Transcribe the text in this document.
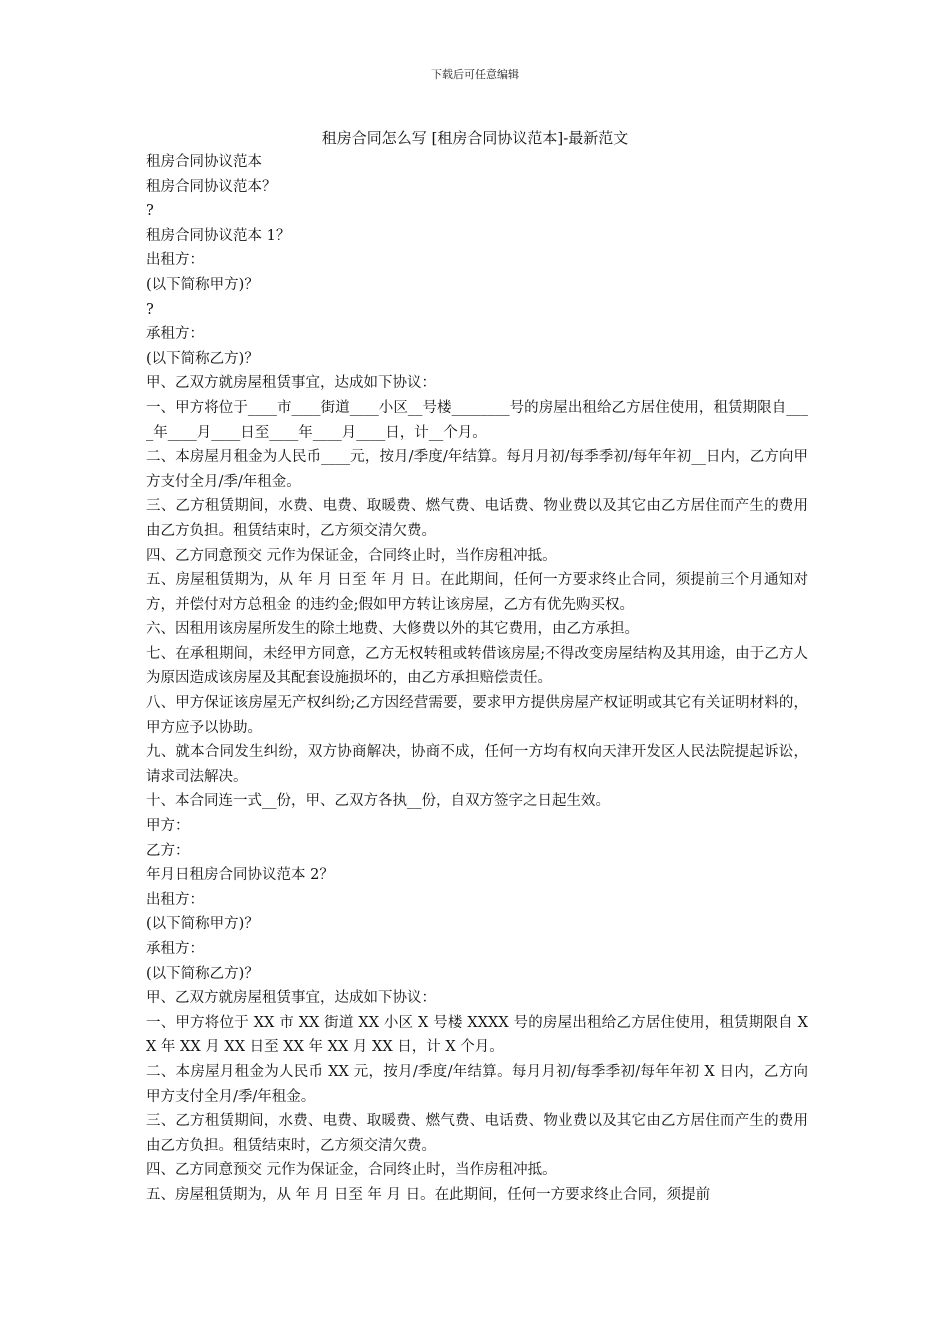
下载后可任意编辑

租房合同怎么写 [租房合同协议范本]-最新范文

租房合同协议范本

租房合同协议范本？

?

租房合同协议范本 1？

出租方：

(以下简称甲方)？

?

承租方：

(以下简称乙方)？

甲、乙双方就房屋租赁事宜，达成如下协议：

一、甲方将位于____市____街道____小区__号楼________号的房屋出租给乙方居住使用，租赁期限自____年____月____日至____年____月____日，计__个月。

二、本房屋月租金为人民币____元，按月/季度/年结算。每月月初/每季季初/每年年初__日内，乙方向甲方支付全月/季/年租金。

三、乙方租赁期间，水费、电费、取暖费、燃气费、电话费、物业费以及其它由乙方居住而产生的费用由乙方负担。租赁结束时，乙方须交清欠费。

四、乙方同意预交 元作为保证金，合同终止时，当作房租冲抵。

五、房屋租赁期为，从 年 月 日至 年 月 日。在此期间，任何一方要求终止合同，须提前三个月通知对方，并偿付对方总租金 的违约金;假如甲方转让该房屋，乙方有优先购买权。

六、因租用该房屋所发生的除土地费、大修费以外的其它费用，由乙方承担。

七、在承租期间，未经甲方同意，乙方无权转租或转借该房屋;不得改变房屋结构及其用途，由于乙方人为原因造成该房屋及其配套设施损坏的，由乙方承担赔偿责任。

八、甲方保证该房屋无产权纠纷;乙方因经营需要，要求甲方提供房屋产权证明或其它有关证明材料的，甲方应予以协助。

九、就本合同发生纠纷，双方协商解决，协商不成，任何一方均有权向天津开发区人民法院提起诉讼，请求司法解决。

十、本合同连一式__份，甲、乙双方各执__份，自双方签字之日起生效。

甲方：

乙方：

年月日租房合同协议范本 2？

出租方：

(以下简称甲方)？

承租方：

(以下简称乙方)？

甲、乙双方就房屋租赁事宜，达成如下协议：

一、甲方将位于 XX 市 XX 街道 XX 小区 X 号楼 XXXX 号的房屋出租给乙方居住使用，租赁期限自 XX 年 XX 月 XX 日至 XX 年 XX 月 XX 日，计 X 个月。

二、本房屋月租金为人民币 XX 元，按月/季度/年结算。每月月初/每季季初/每年年初 X 日内，乙方向甲方支付全月/季/年租金。

三、乙方租赁期间，水费、电费、取暖费、燃气费、电话费、物业费以及其它由乙方居住而产生的费用由乙方负担。租赁结束时，乙方须交清欠费。

四、乙方同意预交 元作为保证金，合同终止时，当作房租冲抵。

五、房屋租赁期为，从 年 月 日至 年 月 日。在此期间，任何一方要求终止合同，须提前
